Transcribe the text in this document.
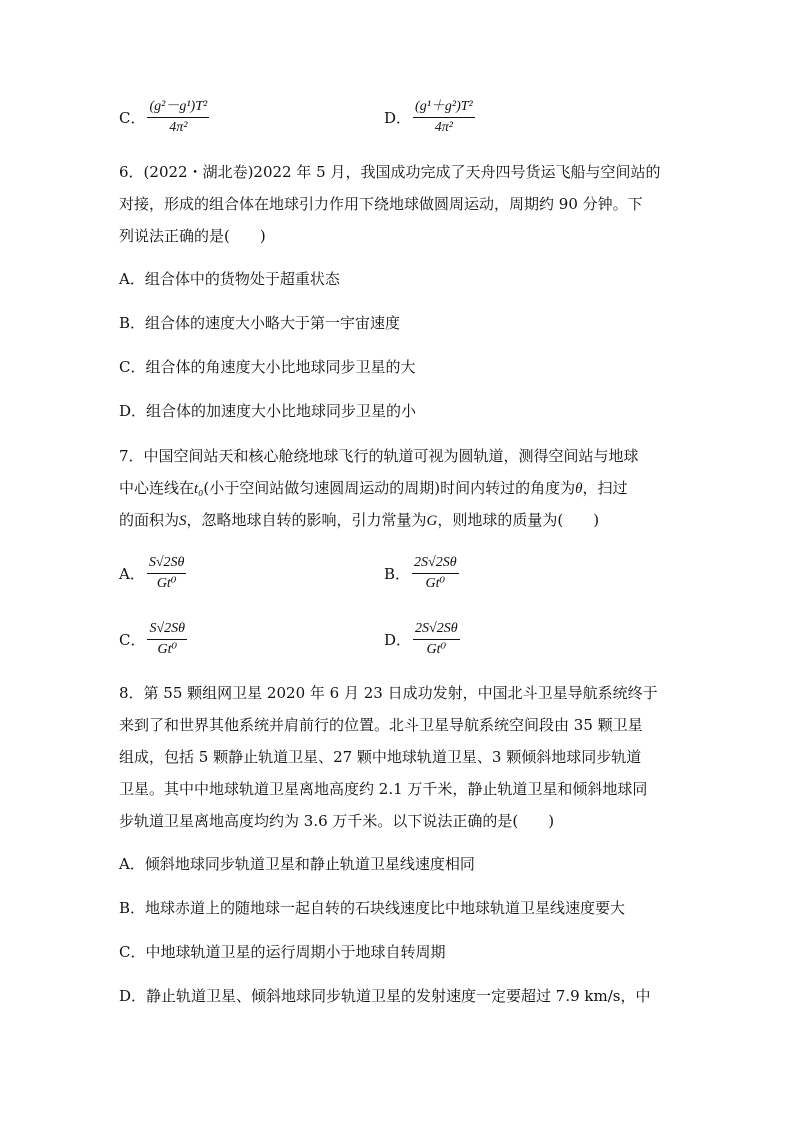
C． $\frac{\text{(g²－g¹)T²}}{\text{4π²}}$	D． $\frac{\text{(g¹＋g²)T²}}{\text{4π²}}$
6．(2022・湖北卷)2022 年 5 月，我国成功完成了天舟四号货运飞船与空间站的
对接，形成的组合体在地球引力作用下绕地球做圆周运动，周期约 90 分钟。下
列说法正确的是(　　)
A．组合体中的货物处于超重状态
B．组合体的速度大小略大于第一宇宙速度
C．组合体的角速度大小比地球同步卫星的大
D．组合体的加速度大小比地球同步卫星的小
7．中国空间站天和核心舱绕地球飞行的轨道可视为圆轨道，测得空间站与地球
中心连线在t₀(小于空间站做匀速圆周运动的周期)时间内转过的角度为θ，扫过
的面积为S，忽略地球自转的影响，引力常量为G，则地球的质量为(　　)
A． $\frac{S√2S\theta}{\text{Gt⁰}}$	B． $\frac{2S√2S\theta}{\text{Gt⁰}}$
C． $\frac{S√2S\theta}{\text{Gt⁰}}$	D． $\frac{2S√2S\theta}{\text{Gt⁰}}$
8．第 55 颗组网卫星 2020 年 6 月 23 日成功发射，中国北斗卫星导航系统终于
来到了和世界其他系统并肩前行的位置。北斗卫星导航系统空间段由 35 颗卫星
组成，包括 5 颗静止轨道卫星、27 颗中地球轨道卫星、3 颗倾斜地球同步轨道
卫星。其中中地球轨道卫星离地高度约 2.1 万千米，静止轨道卫星和倾斜地球同
步轨道卫星离地高度均约为 3.6 万千米。以下说法正确的是(　　)
A．倾斜地球同步轨道卫星和静止轨道卫星线速度相同
B．地球赤道上的随地球一起自转的石块线速度比中地球轨道卫星线速度要大
C．中地球轨道卫星的运行周期小于地球自转周期
D．静止轨道卫星、倾斜地球同步轨道卫星的发射速度一定要超过 7.9 km/s，中
